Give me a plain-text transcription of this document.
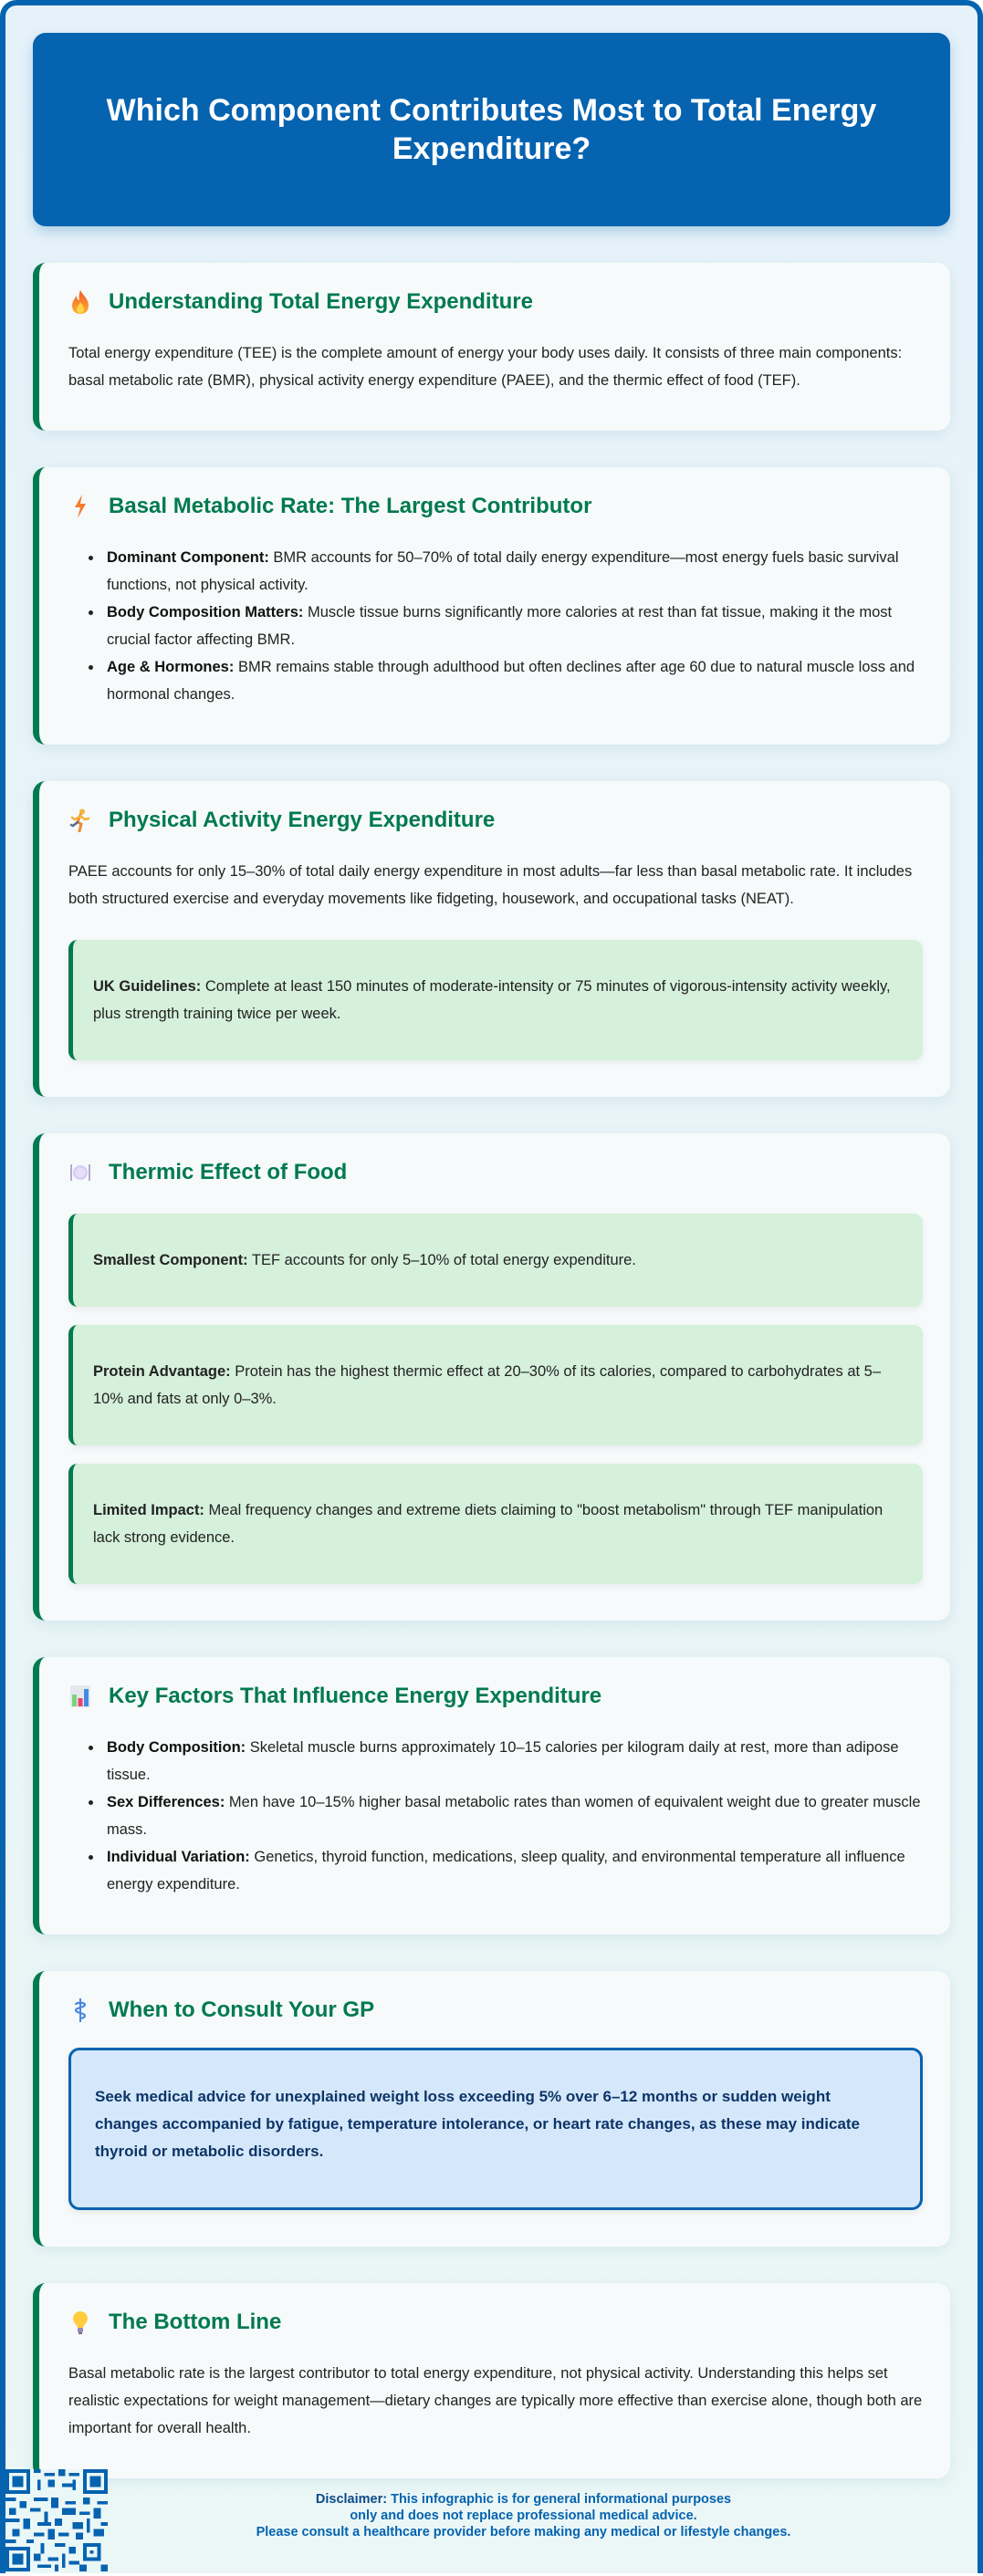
Which Component Contributes Most to Total Energy Expenditure?
Understanding Total Energy Expenditure

Total energy expenditure (TEE) is the complete amount of energy your body uses daily. It consists of three main components: basal metabolic rate (BMR), physical activity energy expenditure (PAEE), and the thermic effect of food (TEF).

Basal Metabolic Rate: The Largest Contributor
Dominant Component: BMR accounts for 50–70% of total daily energy expenditure—most energy fuels basic survival functions, not physical activity.
Body Composition Matters: Muscle tissue burns significantly more calories at rest than fat tissue, making it the most crucial factor affecting BMR.
Age & Hormones: BMR remains stable through adulthood but often declines after age 60 due to natural muscle loss and hormonal changes.
Physical Activity Energy Expenditure

PAEE accounts for only 15–30% of total daily energy expenditure in most adults—far less than basal metabolic rate. It includes both structured exercise and everyday movements like fidgeting, housework, and occupational tasks (NEAT).

UK Guidelines: Complete at least 150 minutes of moderate-intensity or 75 minutes of vigorous-intensity activity weekly, plus strength training twice per week.

Thermic Effect of Food

Smallest Component: TEF accounts for only 5–10% of total energy expenditure.

Protein Advantage: Protein has the highest thermic effect at 20–30% of its calories, compared to carbohydrates at 5–10% and fats at only 0–3%.

Limited Impact: Meal frequency changes and extreme diets claiming to "boost metabolism" through TEF manipulation lack strong evidence.

Key Factors That Influence Energy Expenditure
Body Composition: Skeletal muscle burns approximately 10–15 calories per kilogram daily at rest, more than adipose tissue.
Sex Differences: Men have 10–15% higher basal metabolic rates than women of equivalent weight due to greater muscle mass.
Individual Variation: Genetics, thyroid function, medications, sleep quality, and environmental temperature all influence energy expenditure.
When to Consult Your GP

Seek medical advice for unexplained weight loss exceeding 5% over 6–12 months or sudden weight changes accompanied by fatigue, temperature intolerance, or heart rate changes, as these may indicate thyroid or metabolic disorders.

The Bottom Line

Basal metabolic rate is the largest contributor to total energy expenditure, not physical activity. Understanding this helps set realistic expectations for weight management—dietary changes are typically more effective than exercise alone, though both are important for overall health.

Disclaimer: This infographic is for general informational purposes
only and does not replace professional medical advice.
Please consult a healthcare provider before making any medical or lifestyle changes.
